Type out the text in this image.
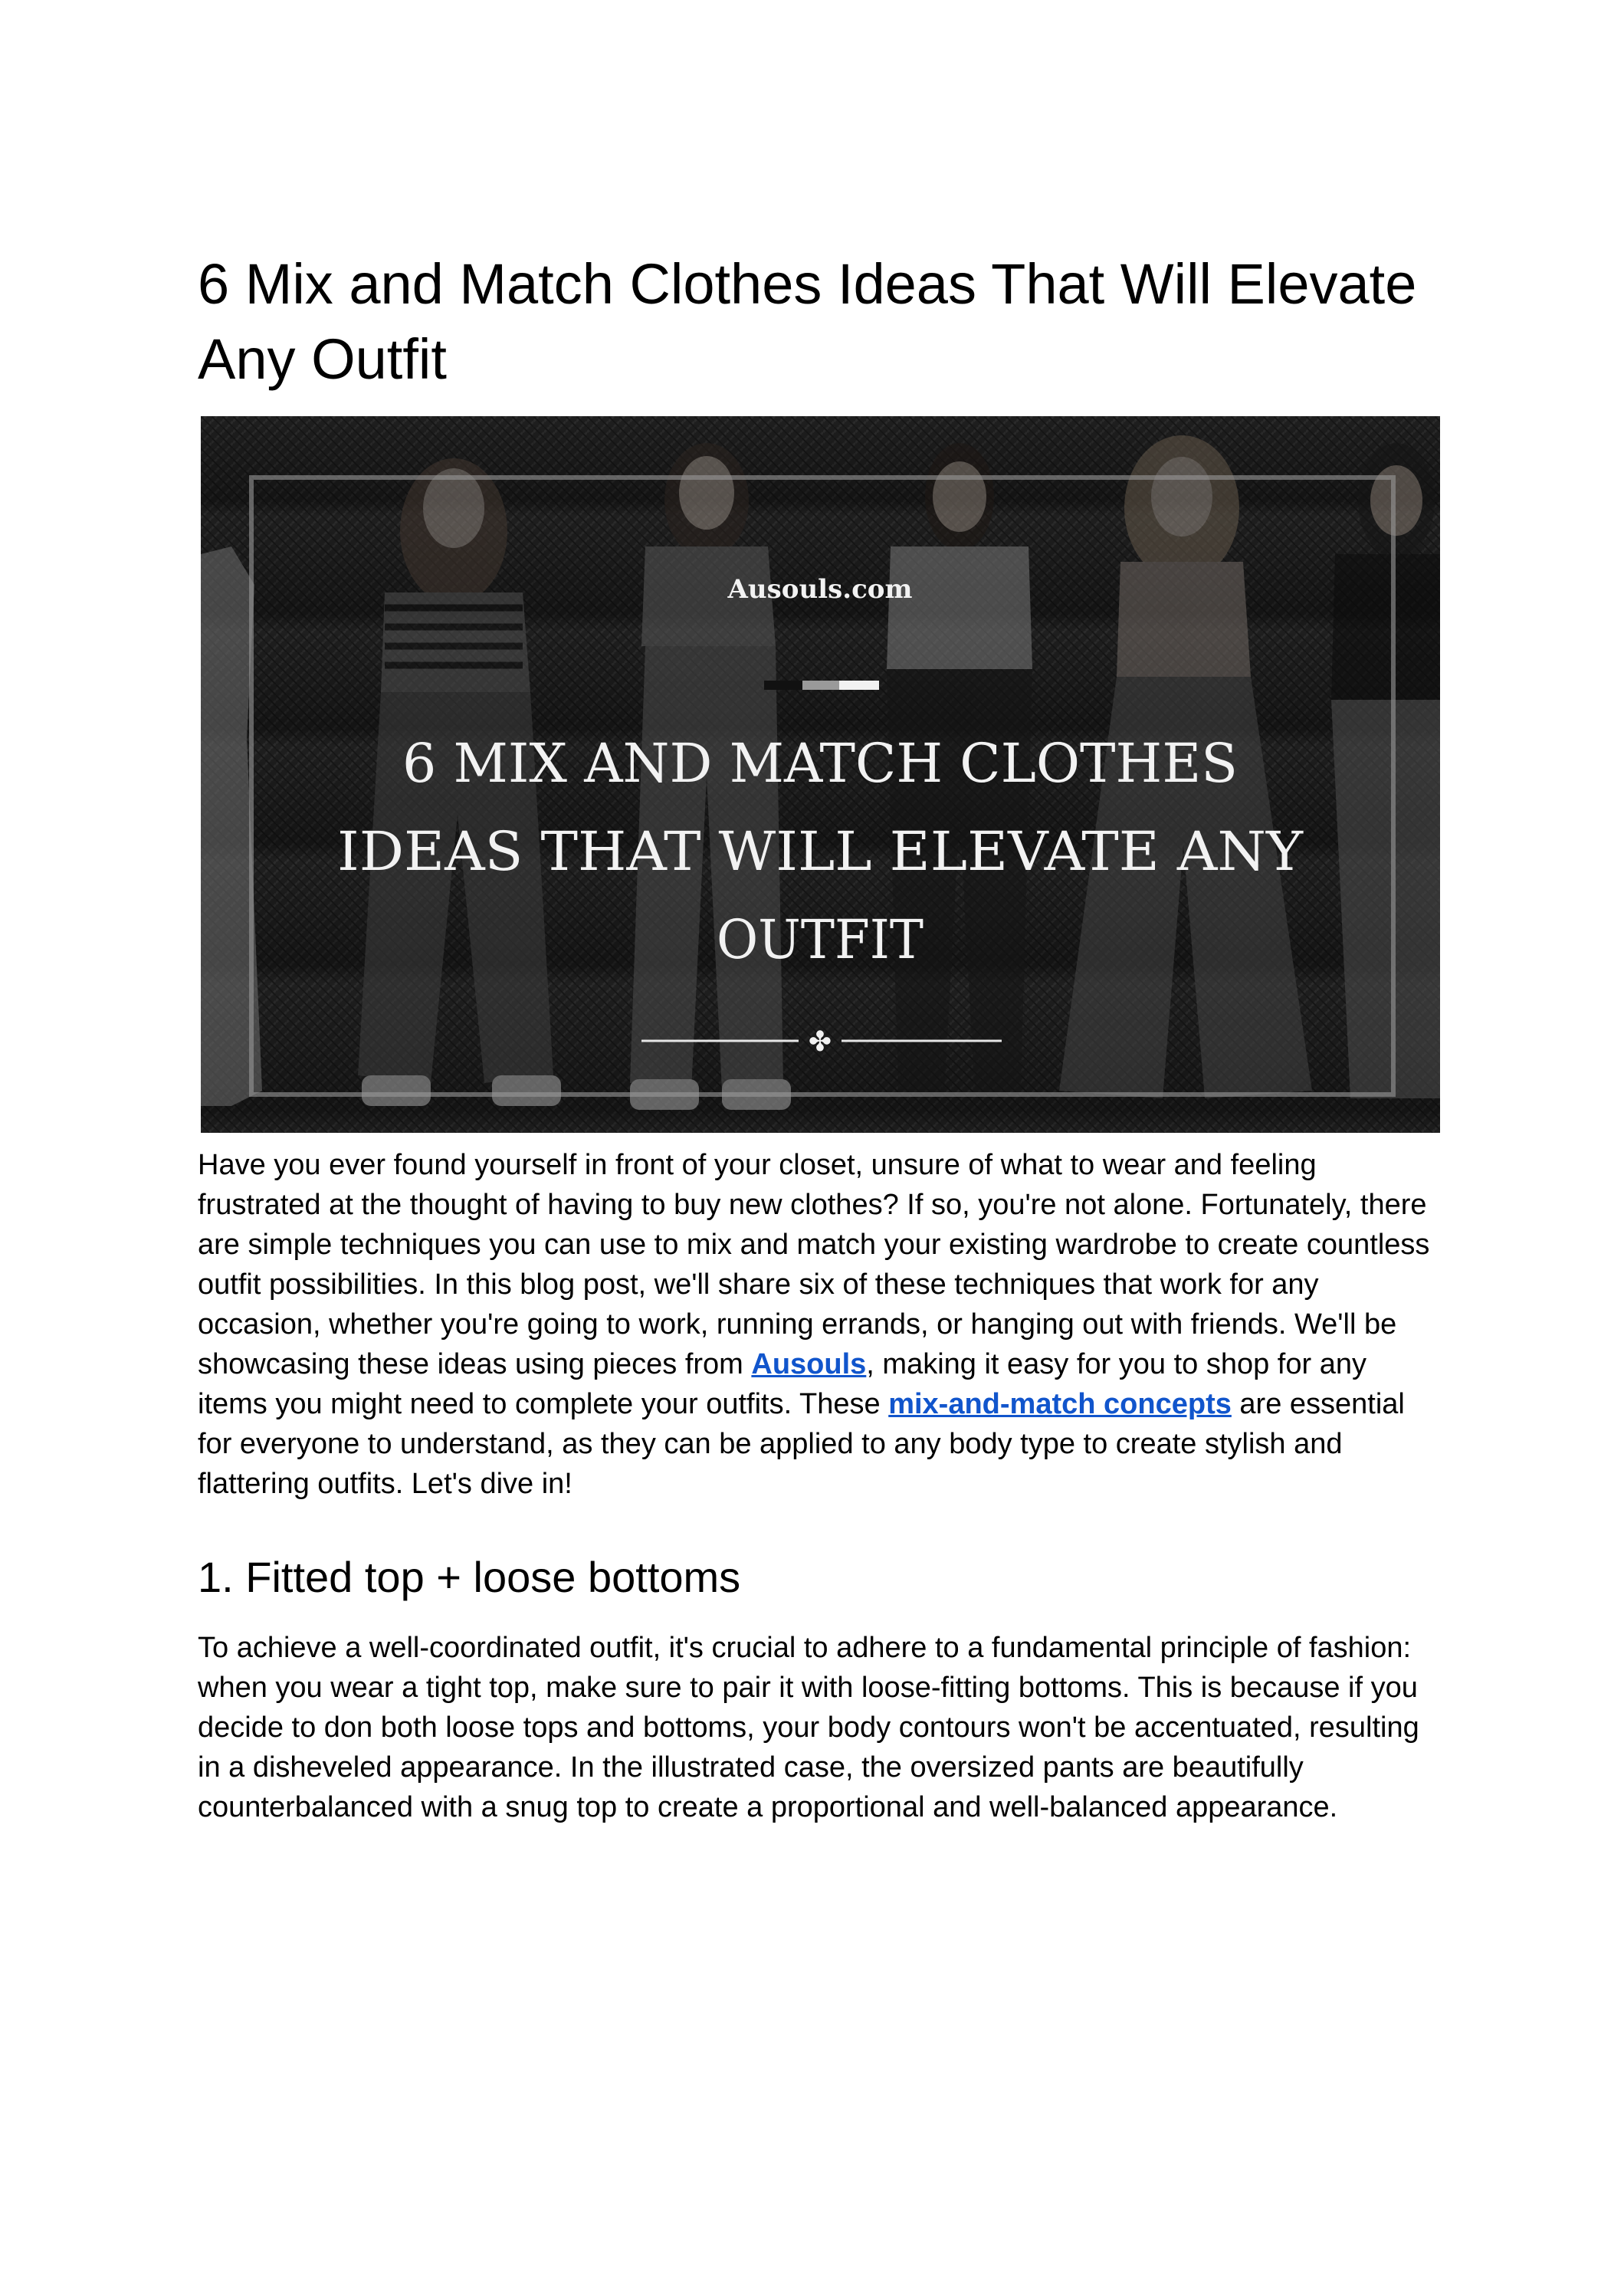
6 Mix and Match Clothes Ideas That Will Elevate Any Outfit
Ausouls.com
6 MIX AND MATCH CLOTHES
IDEAS THAT WILL ELEVATE ANY
OUTFIT
✤

Have you ever found yourself in front of your closet, unsure of what to wear and feeling frustrated at the thought of having to buy new clothes? If so, you're not alone. Fortunately, there are simple techniques you can use to mix and match your existing wardrobe to create countless outfit possibilities. In this blog post, we'll share six of these techniques that work for any occasion, whether you're going to work, running errands, or hanging out with friends. We'll be showcasing these ideas using pieces from Ausouls, making it easy for you to shop for any items you might need to complete your outfits. These mix-and-match concepts are essential for everyone to understand, as they can be applied to any body type to create stylish and flattering outfits. Let's dive in!

1. Fitted top + loose bottoms

To achieve a well-coordinated outfit, it's crucial to adhere to a fundamental principle of fashion: when you wear a tight top, make sure to pair it with loose-fitting bottoms. This is because if you decide to don both loose tops and bottoms, your body contours won't be accentuated, resulting in a disheveled appearance. In the illustrated case, the oversized pants are beautifully counterbalanced with a snug top to create a proportional and well-balanced appearance.
